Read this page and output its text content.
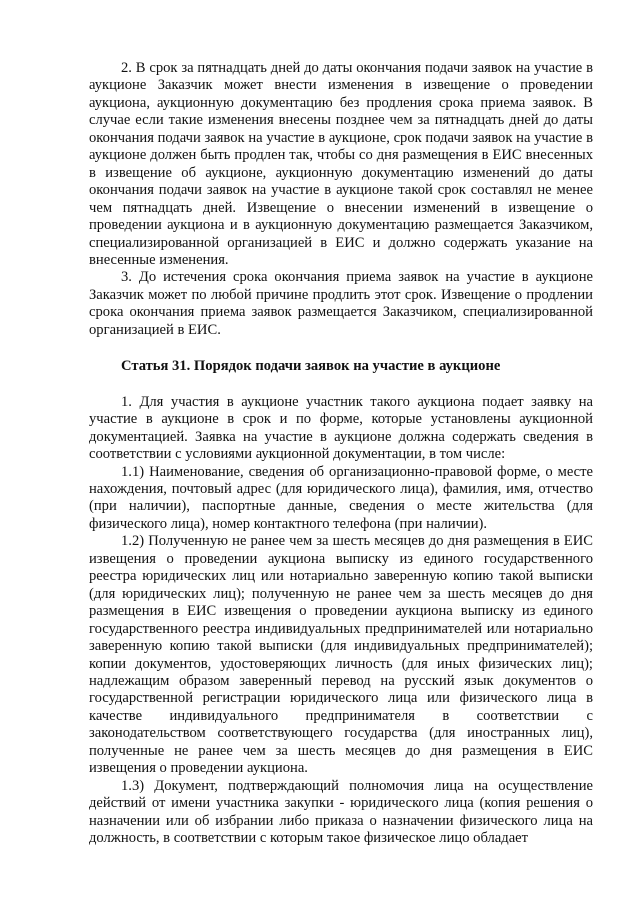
2. В срок за пятнадцать дней до даты окончания подачи заявок на участие в аукционе Заказчик может внести изменения в извещение о проведении аукциона, аукционную документацию без продления срока приема заявок. В случае если такие изменения внесены позднее чем за пятнадцать дней до даты окончания подачи заявок на участие в аукционе, срок подачи заявок на участие в аукционе должен быть продлен так, чтобы со дня размещения в ЕИС внесенных в извещение об аукционе, аукционную документацию изменений до даты окончания подачи заявок на участие в аукционе такой срок составлял не менее чем пятнадцать дней. Извещение о внесении изменений в извещение о проведении аукциона и в аукционную документацию размещается Заказчиком, специализированной организацией в ЕИС и должно содержать указание на внесенные изменения.

3. До истечения срока окончания приема заявок на участие в аукционе Заказчик может по любой причине продлить этот срок. Извещение о продлении срока окончания приема заявок размещается Заказчиком, специализированной организацией в ЕИС.

Статья 31. Порядок подачи заявок на участие в аукционе

1. Для участия в аукционе участник такого аукциона подает заявку на участие в аукционе в срок и по форме, которые установлены аукционной документацией. Заявка на участие в аукционе должна содержать сведения в соответствии с условиями аукционной документации, в том числе:

1.1) Наименование, сведения об организационно-правовой форме, о месте нахождения, почтовый адрес (для юридического лица), фамилия, имя, отчество (при наличии), паспортные данные, сведения о месте жительства (для физического лица), номер контактного телефона (при наличии).

1.2) Полученную не ранее чем за шесть месяцев до дня размещения в ЕИС извещения о проведении аукциона выписку из единого государственного реестра юридических лиц или нотариально заверенную копию такой выписки (для юридических лиц); полученную не ранее чем за шесть месяцев до дня размещения в ЕИС извещения о проведении аукциона выписку из единого государственного реестра индивидуальных предпринимателей или нотариально заверенную копию такой выписки (для индивидуальных предпринимателей); копии документов, удостоверяющих личность (для иных физических лиц); надлежащим образом заверенный перевод на русский язык документов о государственной регистрации юридического лица или физического лица в качестве индивидуального предпринимателя в соответствии с законодательством соответствующего государства (для иностранных лиц), полученные не ранее чем за шесть месяцев до дня размещения в ЕИС извещения о проведении аукциона.

1.3) Документ, подтверждающий полномочия лица на осуществление действий от имени участника закупки - юридического лица (копия решения о назначении или об избрании либо приказа о назначении физического лица на должность, в соответствии с которым такое физическое лицо обладает
